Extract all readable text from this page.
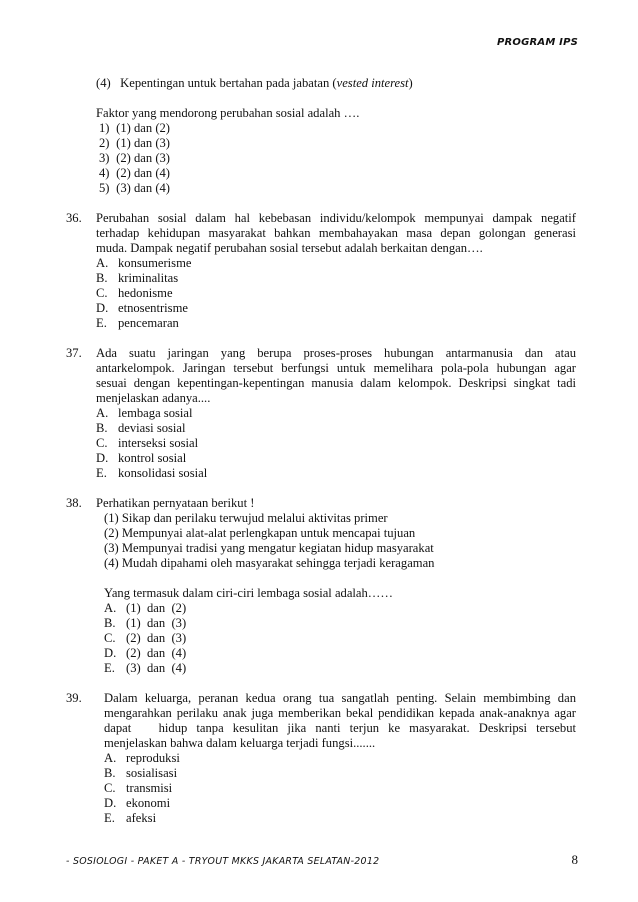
PROGRAM IPS
(4) Kepentingan untuk bertahan pada jabatan (vested interest)
Faktor yang mendorong perubahan sosial adalah ….
1) (1) dan (2)
2) (1) dan (3)
3) (2) dan (3)
4) (2) dan (4)
5) (3) dan (4)
36. Perubahan sosial dalam hal kebebasan individu/kelompok mempunyai dampak negatif
terhadap kehidupan masyarakat bahkan membahayakan masa depan golongan generasi
muda. Dampak negatif perubahan sosial tersebut adalah berkaitan dengan….
A. konsumerisme
B. kriminalitas
C. hedonisme
D. etnosentrisme
E. pencemaran
37. Ada suatu jaringan yang berupa proses-proses hubungan antarmanusia dan atau
antarkelompok. Jaringan tersebut berfungsi untuk memelihara pola-pola hubungan agar
sesuai dengan kepentingan-kepentingan manusia dalam kelompok. Deskripsi singkat tadi
menjelaskan adanya....
A. lembaga sosial
B. deviasi sosial
C. interseksi sosial
D. kontrol sosial
E. konsolidasi sosial
38. Perhatikan pernyataan berikut !
(1) Sikap dan perilaku terwujud melalui aktivitas primer
(2) Mempunyai alat-alat perlengkapan untuk mencapai tujuan
(3) Mempunyai tradisi yang mengatur kegiatan hidup masyarakat
(4) Mudah dipahami oleh masyarakat sehingga terjadi keragaman
Yang termasuk dalam ciri-ciri lembaga sosial adalah……
A. (1)  dan  (2)
B. (1)  dan  (3)
C. (2)  dan  (3)
D. (2)  dan  (4)
E. (3)  dan  (4)
39. Dalam keluarga, peranan kedua orang tua sangatlah penting. Selain membimbing dan
mengarahkan perilaku anak juga memberikan bekal pendidikan kepada anak-anaknya agar
dapat   hidup tanpa kesulitan jika nanti terjun ke masyarakat. Deskripsi tersebut
menjelaskan bahwa dalam keluarga terjadi fungsi.......
A. reproduksi
B. sosialisasi
C. transmisi
D. ekonomi
E. afeksi
- SOSIOLOGI - PAKET A - TRYOUT MKKS JAKARTA SELATAN-2012	8
